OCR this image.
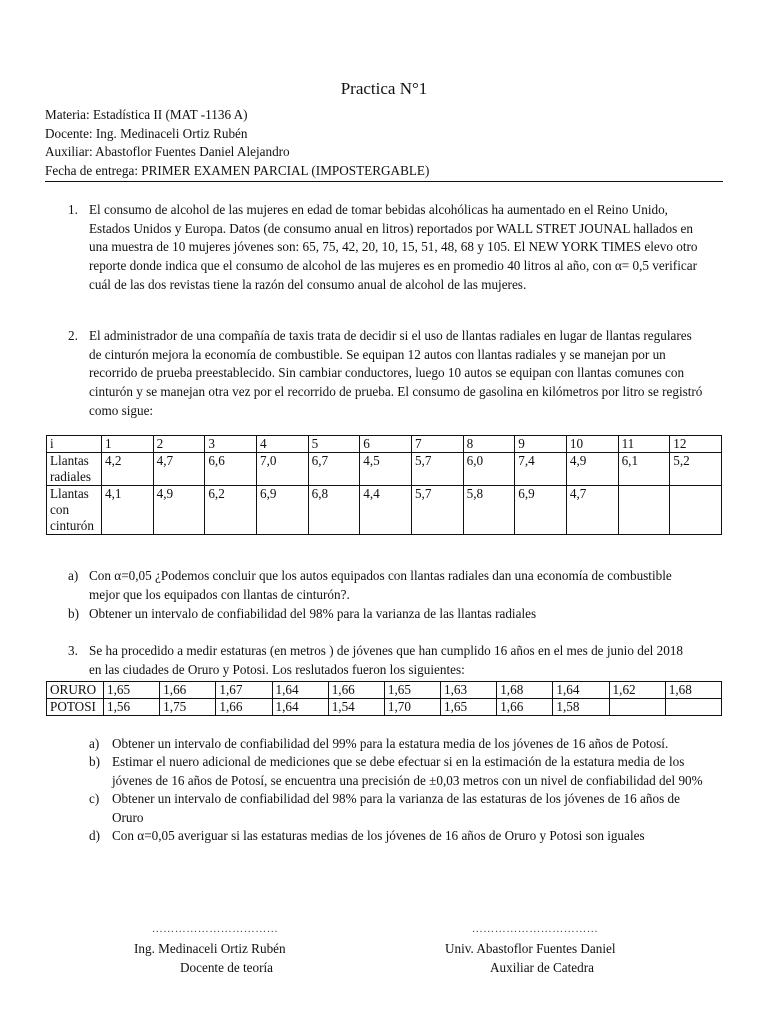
Practica N°1
Materia: Estadística II (MAT -1136 A)
Docente: Ing. Medinaceli Ortiz Rubén
Auxiliar: Abastoflor Fuentes Daniel Alejandro
Fecha de entrega: PRIMER EXAMEN PARCIAL (IMPOSTERGABLE)
1. El consumo de alcohol de las mujeres en edad de tomar bebidas alcohólicas ha aumentado en el Reino Unido,
Estados Unidos y Europa. Datos (de consumo anual en litros) reportados por WALL STRET JOUNAL hallados en
una muestra de 10 mujeres jóvenes son: 65, 75, 42, 20, 10, 15, 51, 48, 68 y 105. El NEW YORK TIMES elevo otro
reporte donde indica que el consumo de alcohol de las mujeres es en promedio 40 litros al año, con α= 0,5 verificar
cuál de las dos revistas tiene la razón del consumo anual de alcohol de las mujeres.
2. El administrador de una compañía de taxis trata de decidir si el uso de llantas radiales en lugar de llantas regulares
de cinturón mejora la economía de combustible. Se equipan 12 autos con llantas radiales y se manejan por un
recorrido de prueba preestablecido. Sin cambiar conductores, luego 10 autos se equipan con llantas comunes con
cinturón y se manejan otra vez por el recorrido de prueba. El consumo de gasolina en kilómetros por litro se registró
como sigue:
i	1	2	3	4	5	6	7	8	9	10	11	12

Llantas
radiales	4,2	4,7	6,6	7,0	6,7	4,5	5,7	6,0	7,4	4,9	6,1	5,2

Llantas
con
cinturón	4,1	4,9	6,2	6,9	6,8	4,4	5,7	5,8	6,9	4,7		
a) Con α=0,05 ¿Podemos concluir que los autos equipados con llantas radiales dan una economía de combustible
mejor que los equipados con llantas de cinturón?.
b) Obtener un intervalo de confiabilidad del 98% para la varianza de las llantas radiales
3. Se ha procedido a medir estaturas (en metros ) de jóvenes que han cumplido 16 años en el mes de junio del 2018
en las ciudades de Oruro y Potosi. Los reslutados fueron los siguientes:
ORURO	1,65	1,66	1,67	1,64	1,66	1,65	1,63	1,68	1,64	1,62	1,68
POTOSI	1,56	1,75	1,66	1,64	1,54	1,70	1,65	1,66	1,58		
a) Obtener un intervalo de confiabilidad del 99% para la estatura media de los jóvenes de 16 años de Potosí.
b) Estimar el nuero adicional de mediciones que se debe efectuar si en la estimación de la estatura media de los
jóvenes de 16 años de Potosí, se encuentra una precisión de ±0,03 metros con un nivel de confiabilidad del 90%
c) Obtener un intervalo de confiabilidad del 98% para la varianza de las estaturas de los jóvenes de 16 años de
Oruro
d) Con α=0,05 averiguar si las estaturas medias de los jóvenes de 16 años de Oruro y Potosi son iguales
……………………………
Ing. Medinaceli Ortiz Rubén
Docente de teoría
……………………………
Univ. Abastoflor Fuentes Daniel
Auxiliar de Catedra
